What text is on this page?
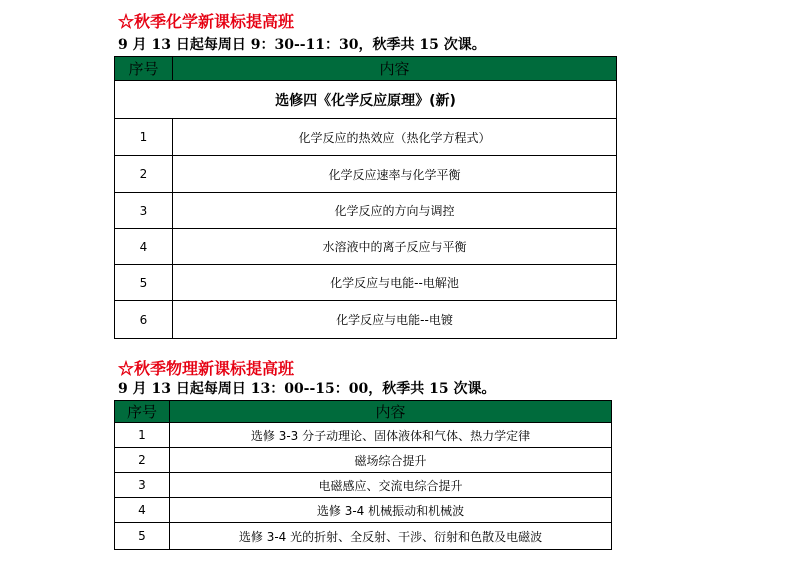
☆秋季化学新课标提高班
9 月 13 日起每周日 9：30--11：30，秋季共 15 次课。
序号	内容
选修四《化学反应原理》(新)	
1	化学反应的热效应（热化学方程式）
2	化学反应速率与化学平衡
3	化学反应的方向与调控
4	水溶液中的离子反应与平衡
5	化学反应与电能--电解池
6	化学反应与电能--电镀
☆秋季物理新课标提高班
9 月 13 日起每周日 13：00--15：00，秋季共 15 次课。
序号	内容
1	选修 3-3 分子动理论、固体液体和气体、热力学定律
2	磁场综合提升
3	电磁感应、交流电综合提升
4	选修 3-4 机械振动和机械波
5	选修 3-4 光的折射、全反射、干涉、衍射和色散及电磁波
